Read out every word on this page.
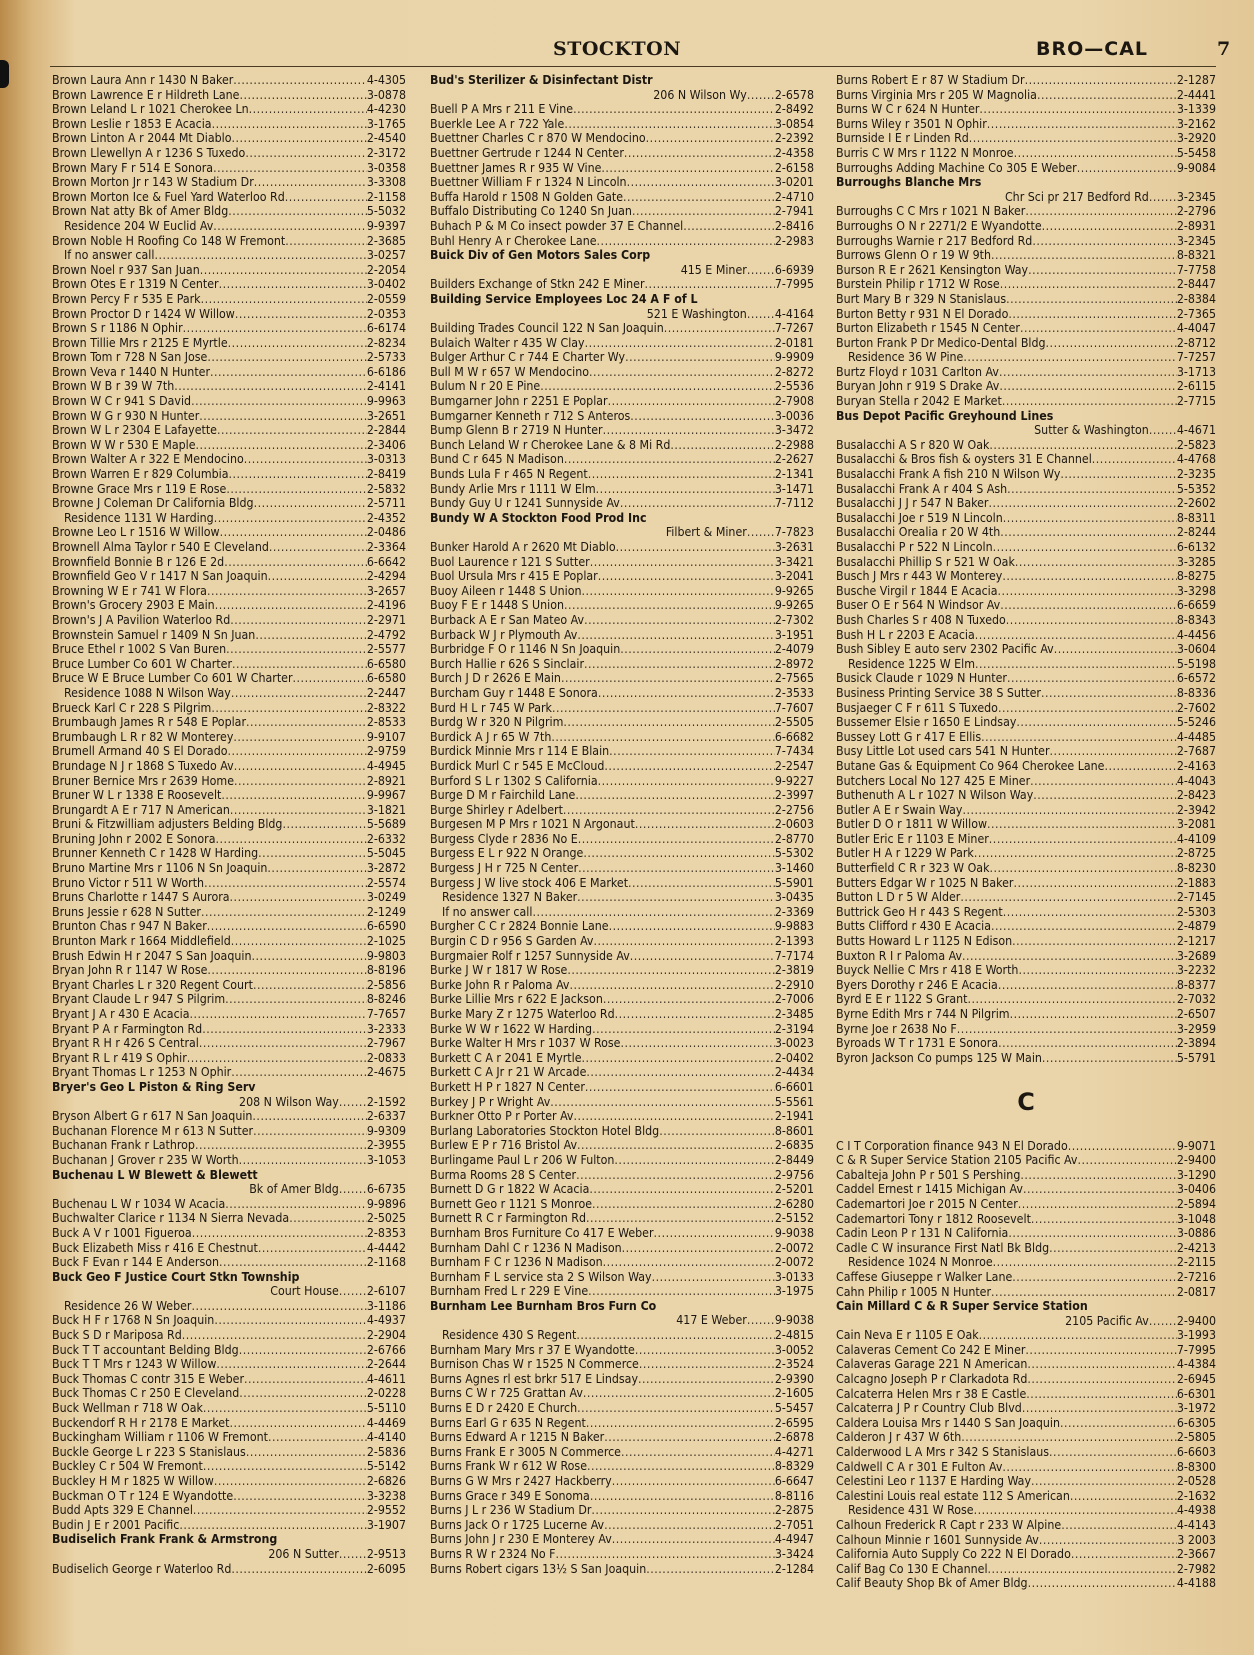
STOCKTON	BRO—CAL	7
Brown Laura Ann r 1430 N Baker .....	4-4305
Brown Lawrence E r Hildreth Lane .....	3-0878
Brown Leland L r 1021 Cherokee Ln .....	4-4230
Brown Leslie r 1853 E Acacia .....	3-1765
Brown Linton A r 2044 Mt Diablo .....	2-4540
Brown Llewellyn A r 1236 S Tuxedo .....	2-3172
Brown Mary F r 514 E Sonora .....	3-0358
Brown Morton Jr r 143 W Stadium Dr .....	3-3308
Brown Morton Ice & Fuel Yard Waterloo Rd .....	2-1158
Brown Nat atty Bk of Amer Bldg .....	5-5032
Residence 204 W Euclid Av .....	9-9397
Brown Noble H Roofing Co 148 W Fremont .....	2-3685
If no answer call .....	3-0257
Brown Noel r 937 San Juan .....	2-2054
Brown Otes E r 1319 N Center .....	3-0402
Brown Percy F r 535 E Park .....	2-0559
Brown Proctor D r 1424 W Willow .....	2-0353
Brown S r 1186 N Ophir .....	6-6174
Brown Tillie Mrs r 2125 E Myrtle .....	2-8234
Brown Tom r 728 N San Jose .....	2-5733
Brown Veva r 1440 N Hunter .....	6-6186
Brown W B r 39 W 7th .....	2-4141
Brown W C r 941 S David .....	9-9963
Brown W G r 930 N Hunter .....	3-2651
Brown W L r 2304 E Lafayette .....	2-2844
Brown W W r 530 E Maple .....	2-3406
Brown Walter A r 322 E Mendocino .....	3-0313
Brown Warren E r 829 Columbia .....	2-8419
Browne Grace Mrs r 119 E Rose .....	2-5832
Browne J Coleman Dr California Bldg .....	2-5711
Residence 1131 W Harding .....	2-4352
Browne Leo L r 1516 W Willow .....	2-0486
Brownell Alma Taylor r 540 E Cleveland .....	2-3364
Brownfield Bonnie B r 126 E 2d .....	6-6642
Brownfield Geo V r 1417 N San Joaquin .....	2-4294
Browning W E r 741 W Flora .....	3-2657
Brown's Grocery 2903 E Main .....	2-4196
Brown's J A Pavilion Waterloo Rd .....	2-2971
Brownstein Samuel r 1409 N Sn Juan .....	2-4792
Bruce Ethel r 1002 S Van Buren .....	2-5577
Bruce Lumber Co 601 W Charter .....	6-6580
Bruce W E Bruce Lumber Co 601 W Charter .....	6-6580
Residence 1088 N Wilson Way .....	2-2447
Brueck Karl C r 228 S Pilgrim .....	2-8322
Brumbaugh James R r 548 E Poplar .....	2-8533
Brumbaugh L R r 82 W Monterey .....	9-9107
Brumell Armand 40 S El Dorado .....	2-9759
Brundage N J r 1868 S Tuxedo Av .....	4-4945
Bruner Bernice Mrs r 2639 Home .....	2-8921
Bruner W L r 1338 E Roosevelt .....	9-9967
Brungardt A E r 717 N American .....	3-1821
Bruni & Fitzwilliam adjusters Belding Bldg .....	5-5689
Bruning John r 2002 E Sonora .....	2-6332
Brunner Kenneth C r 1428 W Harding .....	5-5045
Bruno Martine Mrs r 1106 N Sn Joaquin .....	3-2872
Bruno Victor r 511 W Worth .....	2-5574
Bruns Charlotte r 1447 S Aurora .....	3-0249
Bruns Jessie r 628 N Sutter .....	2-1249
Brunton Chas r 947 N Baker .....	6-6590
Brunton Mark r 1664 Middlefield .....	2-1025
Brush Edwin H r 2047 S San Joaquin .....	9-9803
Bryan John R r 1147 W Rose .....	8-8196
Bryant Charles L r 320 Regent Court .....	2-5856
Bryant Claude L r 947 S Pilgrim .....	8-8246
Bryant J A r 430 E Acacia .....	7-7657
Bryant P A r Farmington Rd .....	3-2333
Bryant R H r 426 S Central .....	2-7967
Bryant R L r 419 S Ophir .....	2-0833
Bryant Thomas L r 1253 N Ophir .....	2-4675
Bryer's Geo L Piston & Ring Serv
208 N Wilson Way ..... 2-1592
Bryson Albert G r 617 N San Joaquin .....	2-6337
Buchanan Florence M r 613 N Sutter .....	9-9309
Buchanan Frank r Lathrop .....	2-3955
Buchanan J Grover r 235 W Worth .....	3-1053
Buchenau L W Blewett & Blewett
Bk of Amer Bldg ..... 6-6735
Buchenau L W r 1034 W Acacia .....	9-9896
Buchwalter Clarice r 1134 N Sierra Nevada .....	2-5025
Buck A V r 1001 Figueroa .....	2-8353
Buck Elizabeth Miss r 416 E Chestnut .....	4-4442
Buck F Evan r 144 E Anderson .....	2-1168
Buck Geo F Justice Court Stkn Township
Court House ..... 2-6107
Residence 26 W Weber .....	3-1186
Buck H F r 1768 N Sn Joaquin .....	4-4937
Buck S D r Mariposa Rd .....	2-2904
Buck T T accountant Belding Bldg .....	2-6766
Buck T T Mrs r 1243 W Willow .....	2-2644
Buck Thomas C contr 315 E Weber .....	4-4611
Buck Thomas C r 250 E Cleveland .....	2-0228
Buck Wellman r 718 W Oak .....	5-5110
Buckendorf R H r 2178 E Market .....	4-4469
Buckingham William r 1106 W Fremont .....	4-4140
Buckle George L r 223 S Stanislaus .....	2-5836
Buckley C r 504 W Fremont .....	5-5142
Buckley H M r 1825 W Willow .....	2-6826
Buckman O T r 124 E Wyandotte .....	3-3238
Budd Apts 329 E Channel .....	2-9552
Budin J E r 2001 Pacific .....	3-1907
Budiselich Frank Frank & Armstrong
206 N Sutter ..... 2-9513
Budiselich George r Waterloo Rd .....	2-6095
Bud's Sterilizer & Disinfectant Distr
206 N Wilson Wy ..... 2-6578
Buell P A Mrs r 211 E Vine .....	2-8492
Buerkle Lee A r 722 Yale .....	3-0854
Buettner Charles C r 870 W Mendocino .....	2-2392
Buettner Gertrude r 1244 N Center .....	2-4358
Buettner James R r 935 W Vine .....	2-6158
Buettner William F r 1324 N Lincoln .....	3-0201
Buffa Harold r 1508 N Golden Gate .....	2-4710
Buffalo Distributing Co 1240 Sn Juan .....	2-7941
Buhach P & M Co insect powder 37 E Channel .....	2-8416
Buhl Henry A r Cherokee Lane .....	2-2983
Buick Div of Gen Motors Sales Corp
415 E Miner ..... 6-6939
Builders Exchange of Stkn 242 E Miner .....	7-7995
Building Service Employees Loc 24 A F of L
521 E Washington ..... 4-4164
Building Trades Council 122 N San Joaquin .....	7-7267
Bulaich Walter r 435 W Clay .....	2-0181
Bulger Arthur C r 744 E Charter Wy .....	9-9909
Bull M W r 657 W Mendocino .....	2-8272
Bulum N r 20 E Pine .....	2-5536
Bumgarner John r 2251 E Poplar .....	2-7908
Bumgarner Kenneth r 712 S Anteros .....	3-0036
Bump Glenn B r 2719 N Hunter .....	3-3472
Bunch Leland W r Cherokee Lane & 8 Mi Rd .....	2-2988
Bund C r 645 N Madison .....	2-2627
Bunds Lula F r 465 N Regent .....	2-1341
Bundy Arlie Mrs r 1111 W Elm .....	3-1471
Bundy Guy U r 1241 Sunnyside Av .....	7-7112
Bundy W A Stockton Food Prod Inc
Filbert & Miner ..... 7-7823
Bunker Harold A r 2620 Mt Diablo .....	3-2631
Buol Laurence r 121 S Sutter .....	3-3421
Buol Ursula Mrs r 415 E Poplar .....	3-2041
Buoy Aileen r 1448 S Union .....	9-9265
Buoy F E r 1448 S Union .....	9-9265
Burback A E r San Mateo Av .....	2-7302
Burback W J r Plymouth Av .....	3-1951
Burbridge F O r 1146 N Sn Joaquin .....	2-4079
Burch Hallie r 626 S Sinclair .....	2-8972
Burch J D r 2626 E Main .....	2-7565
Burcham Guy r 1448 E Sonora .....	2-3533
Burd H L r 745 W Park .....	7-7607
Burdg W r 320 N Pilgrim .....	2-5505
Burdick A J r 65 W 7th .....	6-6682
Burdick Minnie Mrs r 114 E Blain .....	7-7434
Burdick Murl C r 545 E McCloud .....	2-2547
Burford S L r 1302 S California .....	9-9227
Burge D M r Fairchild Lane .....	2-3997
Burge Shirley r Adelbert .....	2-2756
Burgesen M P Mrs r 1021 N Argonaut .....	2-0603
Burgess Clyde r 2836 No E .....	2-8770
Burgess E L r 922 N Orange .....	5-5302
Burgess J H r 725 N Center .....	3-1460
Burgess J W live stock 406 E Market .....	5-5901
Residence 1327 N Baker .....	3-0435
If no answer call .....	2-3369
Burgher C C r 2824 Bonnie Lane .....	9-9883
Burgin C D r 956 S Garden Av .....	2-1393
Burgmaier Rolf r 1257 Sunnyside Av .....	7-7174
Burke J W r 1817 W Rose .....	2-3819
Burke John R r Paloma Av .....	2-2910
Burke Lillie Mrs r 622 E Jackson .....	2-7006
Burke Mary Z r 1275 Waterloo Rd .....	2-3485
Burke W W r 1622 W Harding .....	2-3194
Burke Walter H Mrs r 1037 W Rose .....	3-0023
Burkett C A r 2041 E Myrtle .....	2-0402
Burkett C A Jr r 21 W Arcade .....	2-4434
Burkett H P r 1827 N Center .....	6-6601
Burkey J P r Wright Av .....	5-5561
Burkner Otto P r Porter Av .....	2-1941
Burlang Laboratories Stockton Hotel Bldg .....	8-8601
Burlew E P r 716 Bristol Av .....	2-6835
Burlingame Paul L r 206 W Fulton .....	2-8449
Burma Rooms 28 S Center .....	2-9756
Burnett D G r 1822 W Acacia .....	2-5201
Burnett Geo r 1121 S Monroe .....	2-6280
Burnett R C r Farmington Rd .....	2-5152
Burnham Bros Furniture Co 417 E Weber .....	9-9038
Burnham Dahl C r 1236 N Madison .....	2-0072
Burnham F C r 1236 N Madison .....	2-0072
Burnham F L service sta 2 S Wilson Way .....	3-0133
Burnham Fred L r 229 E Vine .....	3-1975
Burnham Lee Burnham Bros Furn Co
417 E Weber ..... 9-9038
Residence 430 S Regent .....	2-4815
Burnham Mary Mrs r 37 E Wyandotte .....	3-0052
Burnison Chas W r 1525 N Commerce .....	2-3524
Burns Agnes rl est brkr 517 E Lindsay .....	2-9390
Burns C W r 725 Grattan Av .....	2-1605
Burns E D r 2420 E Church .....	5-5457
Burns Earl G r 635 N Regent .....	2-6595
Burns Edward A r 1215 N Baker .....	2-6878
Burns Frank E r 3005 N Commerce .....	4-4271
Burns Frank W r 612 W Rose .....	8-8329
Burns G W Mrs r 2427 Hackberry .....	6-6647
Burns Grace r 349 E Sonoma .....	8-8116
Burns J L r 236 W Stadium Dr .....	2-2875
Burns Jack O r 1725 Lucerne Av .....	2-7051
Burns John J r 230 E Monterey Av .....	4-4947
Burns R W r 2324 No F .....	3-3424
Burns Robert cigars 13½ S San Joaquin .....	2-1284
Burns Robert E r 87 W Stadium Dr .....	2-1287
Burns Virginia Mrs r 205 W Magnolia .....	2-4441
Burns W C r 624 N Hunter .....	3-1339
Burns Wiley r 3501 N Ophir .....	3-2162
Burnside I E r Linden Rd .....	3-2920
Burris C W Mrs r 1122 N Monroe .....	5-5458
Burroughs Adding Machine Co 305 E Weber .....	9-9084
Burroughs Blanche Mrs
Chr Sci pr 217 Bedford Rd ..... 3-2345
Burroughs C C Mrs r 1021 N Baker .....	2-2796
Burroughs O N r 2271/2 E Wyandotte .....	2-8931
Burroughs Warnie r 217 Bedford Rd .....	3-2345
Burrows Glenn O r 19 W 9th .....	8-8321
Burson R E r 2621 Kensington Way .....	7-7758
Burstein Philip r 1712 W Rose .....	2-8447
Burt Mary B r 329 N Stanislaus .....	2-8384
Burton Betty r 931 N El Dorado .....	2-7365
Burton Elizabeth r 1545 N Center .....	4-4047
Burton Frank P Dr Medico-Dental Bldg .....	2-8712
Residence 36 W Pine .....	7-7257
Burtz Floyd r 1031 Carlton Av .....	3-1713
Buryan John r 919 S Drake Av .....	2-6115
Buryan Stella r 2042 E Market .....	2-7715
Bus Depot Pacific Greyhound Lines
Sutter & Washington ..... 4-4671
Busalacchi A S r 820 W Oak .....	2-5823
Busalacchi & Bros fish & oysters 31 E Channel .....	4-4768
Busalacchi Frank A fish 210 N Wilson Wy .....	2-3235
Busalacchi Frank A r 404 S Ash .....	5-5352
Busalacchi J J r 547 N Baker .....	2-2602
Busalacchi Joe r 519 N Lincoln .....	8-8311
Busalacchi Orealia r 20 W 4th .....	2-8244
Busalacchi P r 522 N Lincoln .....	6-6132
Busalacchi Phillip S r 521 W Oak .....	3-3285
Busch J Mrs r 443 W Monterey .....	8-8275
Busche Virgil r 1844 E Acacia .....	3-3298
Buser O E r 564 N Windsor Av .....	6-6659
Bush Charles S r 408 N Tuxedo .....	8-8343
Bush H L r 2203 E Acacia .....	4-4456
Bush Sibley E auto serv 2302 Pacific Av .....	3-0604
Residence 1225 W Elm .....	5-5198
Busick Claude r 1029 N Hunter .....	6-6572
Business Printing Service 38 S Sutter .....	8-8336
Busjaeger C F r 611 S Tuxedo .....	2-7602
Bussemer Elsie r 1650 E Lindsay .....	5-5246
Bussey Lott G r 417 E Ellis .....	4-4485
Busy Little Lot used cars 541 N Hunter .....	2-7687
Butane Gas & Equipment Co 964 Cherokee Lane .....	2-4163
Butchers Local No 127 425 E Miner .....	4-4043
Buthenuth A L r 1027 N Wilson Way .....	2-8423
Butler A E r Swain Way .....	2-3942
Butler D O r 1811 W Willow .....	3-2081
Butler Eric E r 1103 E Miner .....	4-4109
Butler H A r 1229 W Park .....	2-8725
Butterfield C R r 323 W Oak .....	8-8230
Butters Edgar W r 1025 N Baker .....	2-1883
Button L D r 5 W Alder .....	2-7145
Buttrick Geo H r 443 S Regent .....	2-5303
Butts Clifford r 430 E Acacia .....	2-4879
Butts Howard L r 1125 N Edison .....	2-1217
Buxton R I r Paloma Av .....	3-2689
Buyck Nellie C Mrs r 418 E Worth .....	3-2232
Byers Dorothy r 246 E Acacia .....	8-8377
Byrd E E r 1122 S Grant .....	2-7032
Byrne Edith Mrs r 744 N Pilgrim .....	2-6507
Byrne Joe r 2638 No F .....	3-2959
Byroads W T r 1731 E Sonora .....	2-3894
Byron Jackson Co pumps 125 W Main .....	5-5791
C
C I T Corporation finance 943 N El Dorado .....	9-9071
C & R Super Service Station 2105 Pacific Av .....	2-9400
Cabalteja John P r 501 S Pershing .....	3-1290
Caddel Ernest r 1415 Michigan Av .....	3-0406
Cademartori Joe r 2015 N Center .....	2-5894
Cademartori Tony r 1812 Roosevelt .....	3-1048
Cadin Leon P r 131 N California .....	3-0886
Cadle C W insurance First Natl Bk Bldg .....	2-4213
Residence 1024 N Monroe .....	2-2115
Caffese Giuseppe r Walker Lane .....	2-7216
Cahn Philip r 1005 N Hunter .....	2-0817
Cain Millard C & R Super Service Station
2105 Pacific Av ..... 2-9400
Cain Neva E r 1105 E Oak .....	3-1993
Calaveras Cement Co 242 E Miner .....	7-7995
Calaveras Garage 221 N American .....	4-4384
Calcagno Joseph P r Clarkadota Rd .....	2-6945
Calcaterra Helen Mrs r 38 E Castle .....	6-6301
Calcaterra J P r Country Club Blvd .....	3-1972
Caldera Louisa Mrs r 1440 S San Joaquin .....	6-6305
Calderon J r 437 W 6th .....	2-5805
Calderwood L A Mrs r 342 S Stanislaus .....	6-6603
Caldwell C A r 301 E Fulton Av .....	8-8300
Celestini Leo r 1137 E Harding Way .....	2-0528
Calestini Louis real estate 112 S American .....	2-1632
Residence 431 W Rose .....	4-4938
Calhoun Frederick R Capt r 233 W Alpine .....	4-4143
Calhoun Minnie r 1601 Sunnyside Av .....	3 2003
California Auto Supply Co 222 N El Dorado .....	2-3667
Calif Bag Co 130 E Channel .....	2-7982
Calif Beauty Shop Bk of Amer Bldg .....	4-4188
